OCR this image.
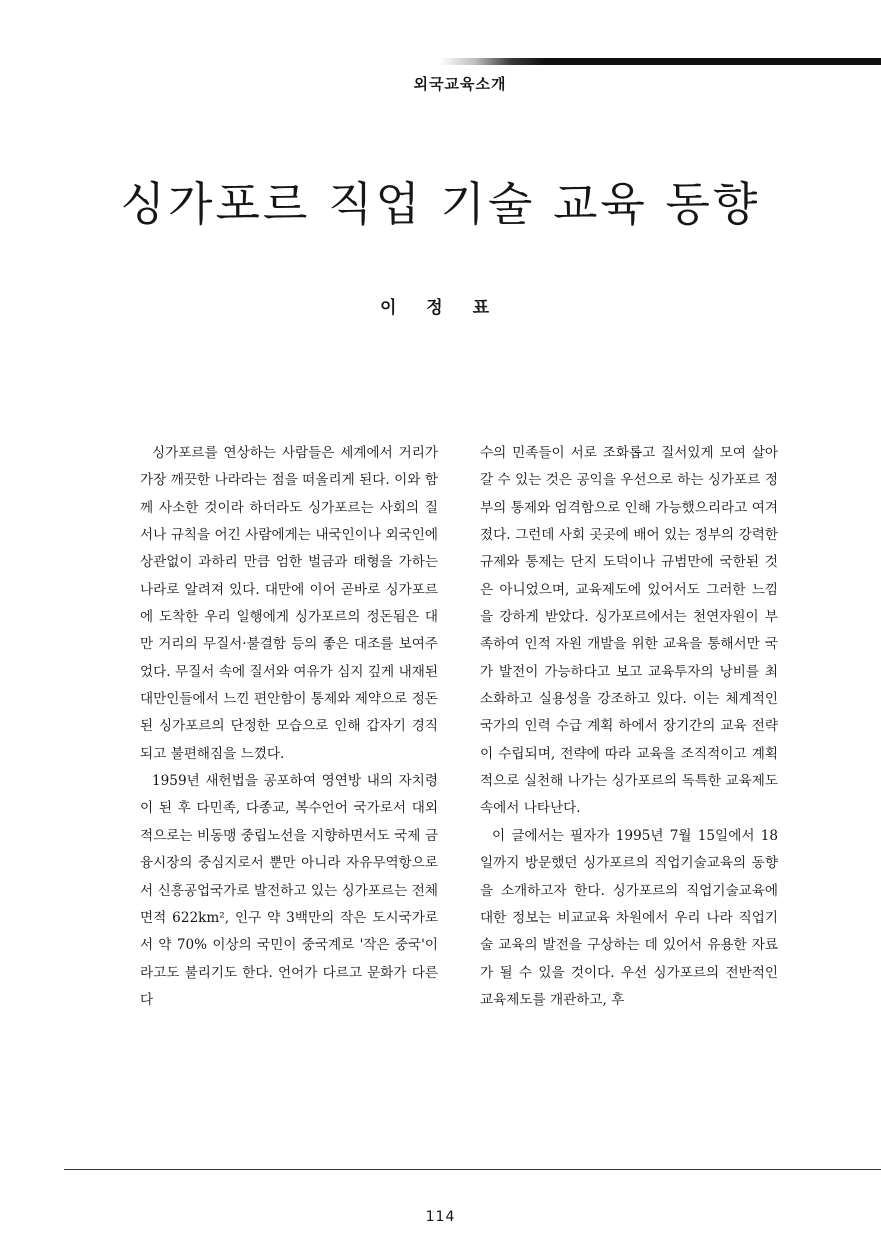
외국교육소개
싱가포르 직업 기술 교육 동향
이 정 표

싱가포르를 연상하는 사람들은 세계에서 거리가 가장 깨끗한 나라라는 점을 떠올리게 된다. 이와 함께 사소한 것이라 하더라도 싱가포르는 사회의 질서나 규칙을 어긴 사람에게는 내국인이나 외국인에 상관없이 과하리 만큼 엄한 벌금과 태형을 가하는 나라로 알려져 있다. 대만에 이어 곧바로 싱가포르에 도착한 우리 일행에게 싱가포르의 정돈됨은 대만 거리의 무질서·불결함 등의 좋은 대조를 보여주었다. 무질서 속에 질서와 여유가 심지 깊게 내재된 대만인들에서 느낀 편안함이 통제와 제약으로 정돈된 싱가포르의 단정한 모습으로 인해 갑자기 경직되고 불편해짐을 느꼈다.

1959년 새헌법을 공포하여 영연방 내의 자치령이 된 후 다민족, 다종교, 복수언어 국가로서 대외적으로는 비동맹 중립노선을 지향하면서도 국제 금융시장의 중심지로서 뿐만 아니라 자유무역항으로서 신흥공업국가로 발전하고 있는 싱가포르는 전체 면적 622km², 인구 약 3백만의 작은 도시국가로서 약 70% 이상의 국민이 중국계로 '작은 중국'이라고도 불리기도 한다. 언어가 다르고 문화가 다른 다

수의 민족들이 서로 조화롭고 질서있게 모여 살아갈 수 있는 것은 공익을 우선으로 하는 싱가포르 정부의 통제와 엄격함으로 인해 가능했으리라고 여겨졌다. 그런데 사회 곳곳에 배어 있는 정부의 강력한 규제와 통제는 단지 도덕이나 규범만에 국한된 것은 아니었으며, 교육제도에 있어서도 그러한 느낌을 강하게 받았다. 싱가포르에서는 천연자원이 부족하여 인적 자원 개발을 위한 교육을 통해서만 국가 발전이 가능하다고 보고 교육투자의 낭비를 최소화하고 실용성을 강조하고 있다. 이는 체계적인 국가의 인력 수급 계획 하에서 장기간의 교육 전략이 수립되며, 전략에 따라 교육을 조직적이고 계획적으로 실천해 나가는 싱가포르의 독특한 교육제도 속에서 나타난다.

이 글에서는 필자가 1995년 7월 15일에서 18일까지 방문했던 싱가포르의 직업기술교육의 동향을 소개하고자 한다. 싱가포르의 직업기술교육에 대한 정보는 비교교육 차원에서 우리 나라 직업기술 교육의 발전을 구상하는 데 있어서 유용한 자료가 될 수 있을 것이다. 우선 싱가포르의 전반적인 교육제도를 개관하고, 후

114
